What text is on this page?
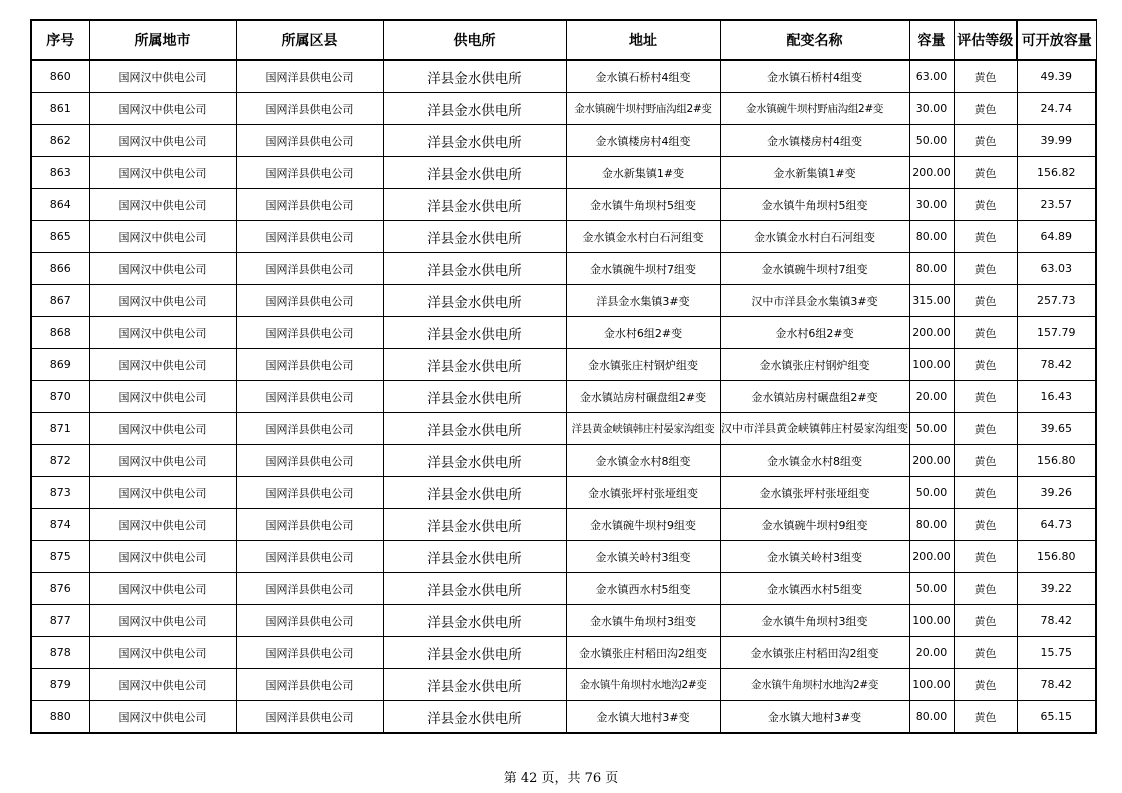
序号	所属地市	所属区县	供电所	地址	配变名称	容量	评估等级	可开放容量
860	国网汉中供电公司	国网洋县供电公司	洋县金水供电所	金水镇石桥村4组变	金水镇石桥村4组变	63.00	黄色	49.39
861	国网汉中供电公司	国网洋县供电公司	洋县金水供电所	金水镇碗牛坝村野庙沟组2#变	金水镇碗牛坝村野庙沟组2#变	30.00	黄色	24.74
862	国网汉中供电公司	国网洋县供电公司	洋县金水供电所	金水镇楼房村4组变	金水镇楼房村4组变	50.00	黄色	39.99
863	国网汉中供电公司	国网洋县供电公司	洋县金水供电所	金水新集镇1#变	金水新集镇1#变	200.00	黄色	156.82
864	国网汉中供电公司	国网洋县供电公司	洋县金水供电所	金水镇牛角坝村5组变	金水镇牛角坝村5组变	30.00	黄色	23.57
865	国网汉中供电公司	国网洋县供电公司	洋县金水供电所	金水镇金水村白石河组变	金水镇金水村白石河组变	80.00	黄色	64.89
866	国网汉中供电公司	国网洋县供电公司	洋县金水供电所	金水镇碗牛坝村7组变	金水镇碗牛坝村7组变	80.00	黄色	63.03
867	国网汉中供电公司	国网洋县供电公司	洋县金水供电所	洋县金水集镇3#变	汉中市洋县金水集镇3#变	315.00	黄色	257.73
868	国网汉中供电公司	国网洋县供电公司	洋县金水供电所	金水村6组2#变	金水村6组2#变	200.00	黄色	157.79
869	国网汉中供电公司	国网洋县供电公司	洋县金水供电所	金水镇张庄村钢炉组变	金水镇张庄村钢炉组变	100.00	黄色	78.42
870	国网汉中供电公司	国网洋县供电公司	洋县金水供电所	金水镇站房村碾盘组2#变	金水镇站房村碾盘组2#变	20.00	黄色	16.43
871	国网汉中供电公司	国网洋县供电公司	洋县金水供电所	洋县黄金峡镇韩庄村晏家沟组变	汉中市洋县黄金峡镇韩庄村晏家沟组变	50.00	黄色	39.65
872	国网汉中供电公司	国网洋县供电公司	洋县金水供电所	金水镇金水村8组变	金水镇金水村8组变	200.00	黄色	156.80
873	国网汉中供电公司	国网洋县供电公司	洋县金水供电所	金水镇张坪村张垭组变	金水镇张坪村张垭组变	50.00	黄色	39.26
874	国网汉中供电公司	国网洋县供电公司	洋县金水供电所	金水镇碗牛坝村9组变	金水镇碗牛坝村9组变	80.00	黄色	64.73
875	国网汉中供电公司	国网洋县供电公司	洋县金水供电所	金水镇关岭村3组变	金水镇关岭村3组变	200.00	黄色	156.80
876	国网汉中供电公司	国网洋县供电公司	洋县金水供电所	金水镇西水村5组变	金水镇西水村5组变	50.00	黄色	39.22
877	国网汉中供电公司	国网洋县供电公司	洋县金水供电所	金水镇牛角坝村3组变	金水镇牛角坝村3组变	100.00	黄色	78.42
878	国网汉中供电公司	国网洋县供电公司	洋县金水供电所	金水镇张庄村稻田沟2组变	金水镇张庄村稻田沟2组变	20.00	黄色	15.75
879	国网汉中供电公司	国网洋县供电公司	洋县金水供电所	金水镇牛角坝村水地沟2#变	金水镇牛角坝村水地沟2#变	100.00	黄色	78.42
880	国网汉中供电公司	国网洋县供电公司	洋县金水供电所	金水镇大地村3#变	金水镇大地村3#变	80.00	黄色	65.15
第 42 页，共 76 页
